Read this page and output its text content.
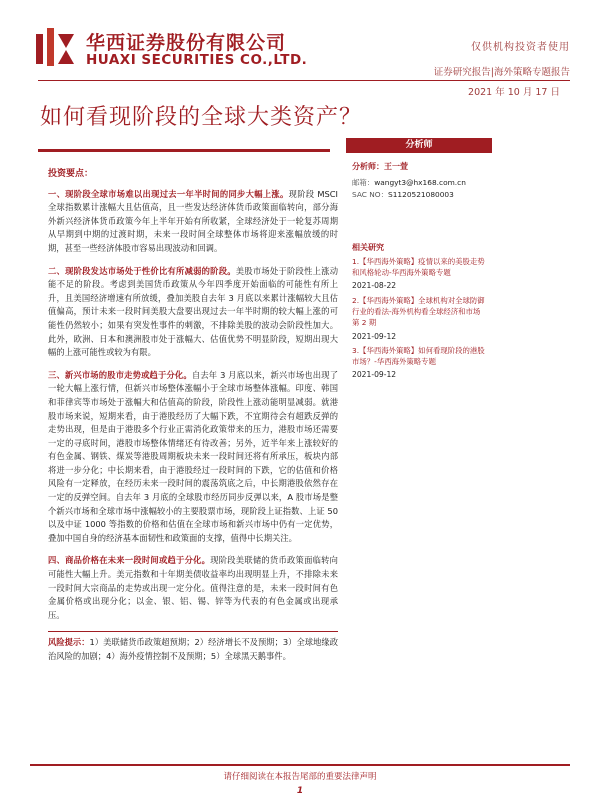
华西证券股份有限公司
HUAXI SECURITIES CO.,LTD.
仅供机构投资者使用
证券研究报告|海外策略专题报告
2021 年 10 月 17 日
如何看现阶段的全球大类资产？
投资要点：

一、现阶段全球市场难以出现过去一年半时间的同步大幅上涨。现阶段 MSCI 全球指数累计涨幅大且估值高，且一些发达经济体货币政策面临转向，部分海外新兴经济体货币政策今年上半年开始有所收紧，全球经济处于一轮复苏周期从早期到中期的过渡时期，未来一段时间全球整体市场将迎来涨幅放缓的时期，甚至一些经济体股市容易出现波动和回调。

二、现阶段发达市场处于性价比有所减弱的阶段。美股市场处于阶段性上涨动能不足的阶段。考虑到美国货币政策从今年四季度开始面临的可能性有所上升，且美国经济增速有所放缓，叠加美股自去年 3 月底以来累计涨幅较大且估值偏高，预计未来一段时间美股大盘要出现过去一年半时期的较大幅上涨的可能性仍然较小；如果有突发性事件的刺激，不排除美股的波动会阶段性加大。此外，欧洲、日本和澳洲股市处于涨幅大、估值优势不明显阶段，短期出现大幅的上涨可能性或较为有限。

三、新兴市场的股市走势或趋于分化。自去年 3 月底以来，新兴市场也出现了一轮大幅上涨行情，但新兴市场整体涨幅小于全球市场整体涨幅。印度、韩国和菲律宾等市场处于涨幅大和估值高的阶段，阶段性上涨动能明显减弱。就港股市场来说，短期来看，由于港股经历了大幅下跌，不宜期待会有超跌反弹的走势出现，但是由于港股多个行业正需消化政策带来的压力，港股市场还需要一定的寻底时间，港股市场整体情绪还有待改善；另外，近半年来上涨较好的有色金属、钢铁、煤炭等港股周期板块未来一段时间还将有所承压，板块内部将进一步分化；中长期来看，由于港股经过一段时间的下跌，它的估值和价格风险有一定释放，在经历未来一段时间的震荡筑底之后，中长期港股依然存在一定的反弹空间。自去年 3 月底的全球股市经历同步反弹以来，A 股市场是整个新兴市场和全球市场中涨幅较小的主要股票市场，现阶段上证指数、上证 50 以及中证 1000 等指数的价格和估值在全球市场和新兴市场中仍有一定优势，叠加中国自身的经济基本面韧性和政策面的支撑，值得中长期关注。

四、商品价格在未来一段时间或趋于分化。现阶段美联储的货币政策面临转向可能性大幅上升。美元指数和十年期美债收益率均出现明显上升，不排除未来一段时间大宗商品的走势或出现一定分化。值得注意的是，未来一段时间有色金属价格或出现分化；以金、银、铝、锡、锌等为代表的有色金属或出现承压。

风险提示：1）美联储货币政策超预期；2）经济增长不及预期；3）全球地缘政治风险的加剧；4）海外疫情控制不及预期；5）全球黑天鹅事件。

分析师
分析师：王一萱
邮箱：wangyt3@hx168.com.cn
SAC NO：S1120521080003
相关研究
1.【华西海外策略】疫情以来的美股走势和风格轮动-华西海外策略专题
2021-08-22
2.【华西海外策略】全球机构对全球防御行业的看法-海外机构看全球经济和市场第 2 期
2021-09-12
3.【华西海外策略】如何看现阶段的港股市场？-华西海外策略专题
2021-09-12
请仔细阅读在本报告尾部的重要法律声明
1
